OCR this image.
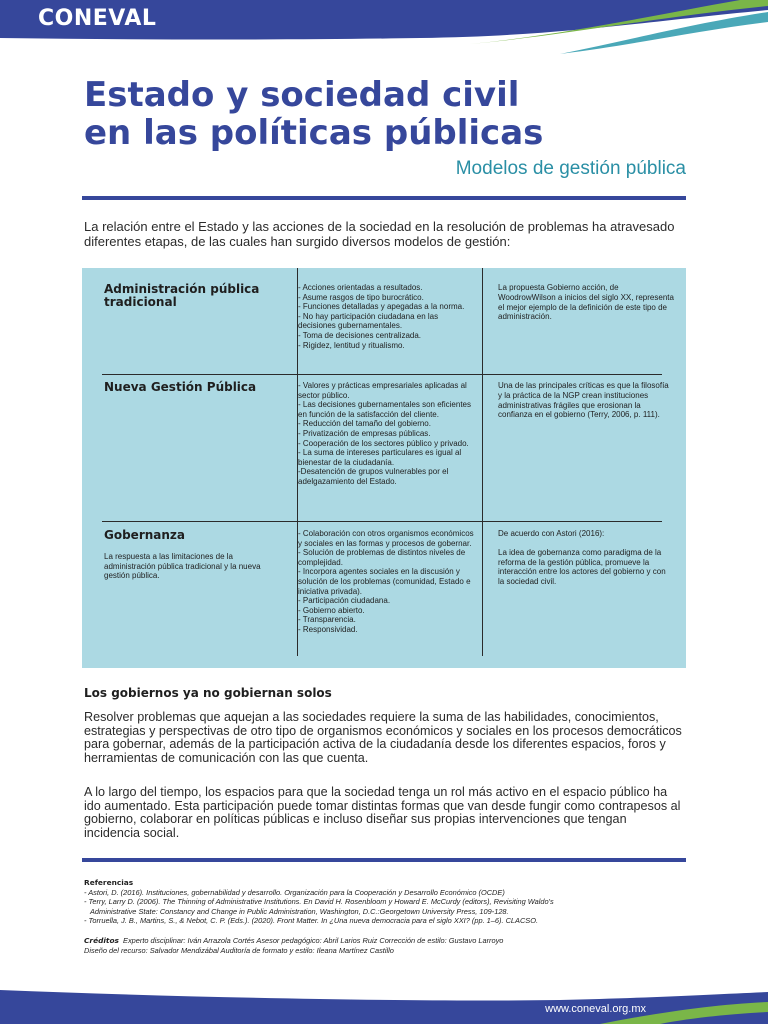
CONEVAL
Estado y sociedad civil
en las políticas públicas

Modelos de gestión pública

La relación entre el Estado y las acciones de la sociedad en la resolución de problemas ha atravesado diferentes etapas, de las cuales han surgido diversos modelos de gestión:

Administración pública tradicional

- Acciones orientadas a resultados.
- Asume rasgos de tipo burocrático.
- Funciones detalladas y apegadas a la norma.
- No hay participación ciudadana en las decisiones gubernamentales.
- Toma de decisiones centralizada.
- Rigidez, lentitud y ritualismo.

La propuesta Gobierno acción, de WoodrowWilson a inicios del siglo XX, representa el mejor ejemplo de la definición de este tipo de administración.

Nueva Gestión Pública	- Valores y prácticas empresariales aplicadas al sector público.
- Las decisiones gubernamentales son eficientes en función de la satisfacción del cliente.
- Reducción del tamaño del gobierno.
- Privatización de empresas públicas.
- Cooperación de los sectores público y privado.
- La suma de intereses particulares es igual al bienestar de la ciudadanía.
-Desatención de grupos vulnerables por el adelgazamiento del Estado.

Una de las principales críticas es que la filosofía y la práctica de la NGP crean instituciones administrativas frágiles que erosionan la confianza en el gobierno (Terry, 2006, p. 111).

Gobernanza

La respuesta a las limitaciones de la administración pública tradicional y la nueva gestión pública.

- Colaboración con otros organismos económicos y sociales en las formas y procesos de gobernar.
- Solución de problemas de distintos niveles de complejidad.
- Incorpora agentes sociales en la discusión y solución de los problemas (comunidad, Estado e iniciativa privada).
- Participación ciudadana.
- Gobierno abierto.
- Transparencia.
- Responsividad.

De acuerdo con Astori (2016):

La idea de gobernanza como paradigma de la reforma de la gestión pública, promueve la interacción entre los actores del gobierno y con la sociedad civil.

Los gobiernos ya no gobiernan solos

Resolver problemas que aquejan a las sociedades requiere la suma de las habilidades, conocimientos, estrategias y perspectivas de otro tipo de organismos económicos y sociales en los procesos democráticos para gobernar, además de la participación activa de la ciudadanía desde los diferentes espacios, foros y herramientas de comunicación con las que cuenta.

A lo largo del tiempo, los espacios para que la sociedad tenga un rol más activo en el espacio público ha ido aumentado. Esta participación puede tomar distintas formas que van desde fungir como contrapesos al gobierno, colaborar en políticas públicas e incluso diseñar sus propias intervenciones que tengan incidencia social.

Referencias

- Astori, D. (2016). Instituciones, gobernabilidad y desarrollo. Organización para la Cooperación y Desarrollo Económico (OCDE)

- Terry, Larry D. (2006). The Thinning of Administrative Institutions. En David H. Rosenbloom y Howard E. McCurdy (editors), Revisiting Waldo's

Administrative State: Constancy and Change in Public Administration, Washington, D.C.:Georgetown University Press, 109-128.

- Torruella, J. B., Martins, S., & Nebot, C. P. (Eds.). (2020). Front Matter. In ¿Una nueva democracia para el siglo XXI? (pp. 1–6). CLACSO.

Créditos Experto disciplinar: Iván Arrazola Cortés Asesor pedagógico: Abril Larios Ruiz Corrección de estilo: Gustavo Larroyo

Diseño del recurso: Salvador Mendizábal Auditoría de formato y estilo: Ileana Martínez Castillo

www.coneval.org.mx
